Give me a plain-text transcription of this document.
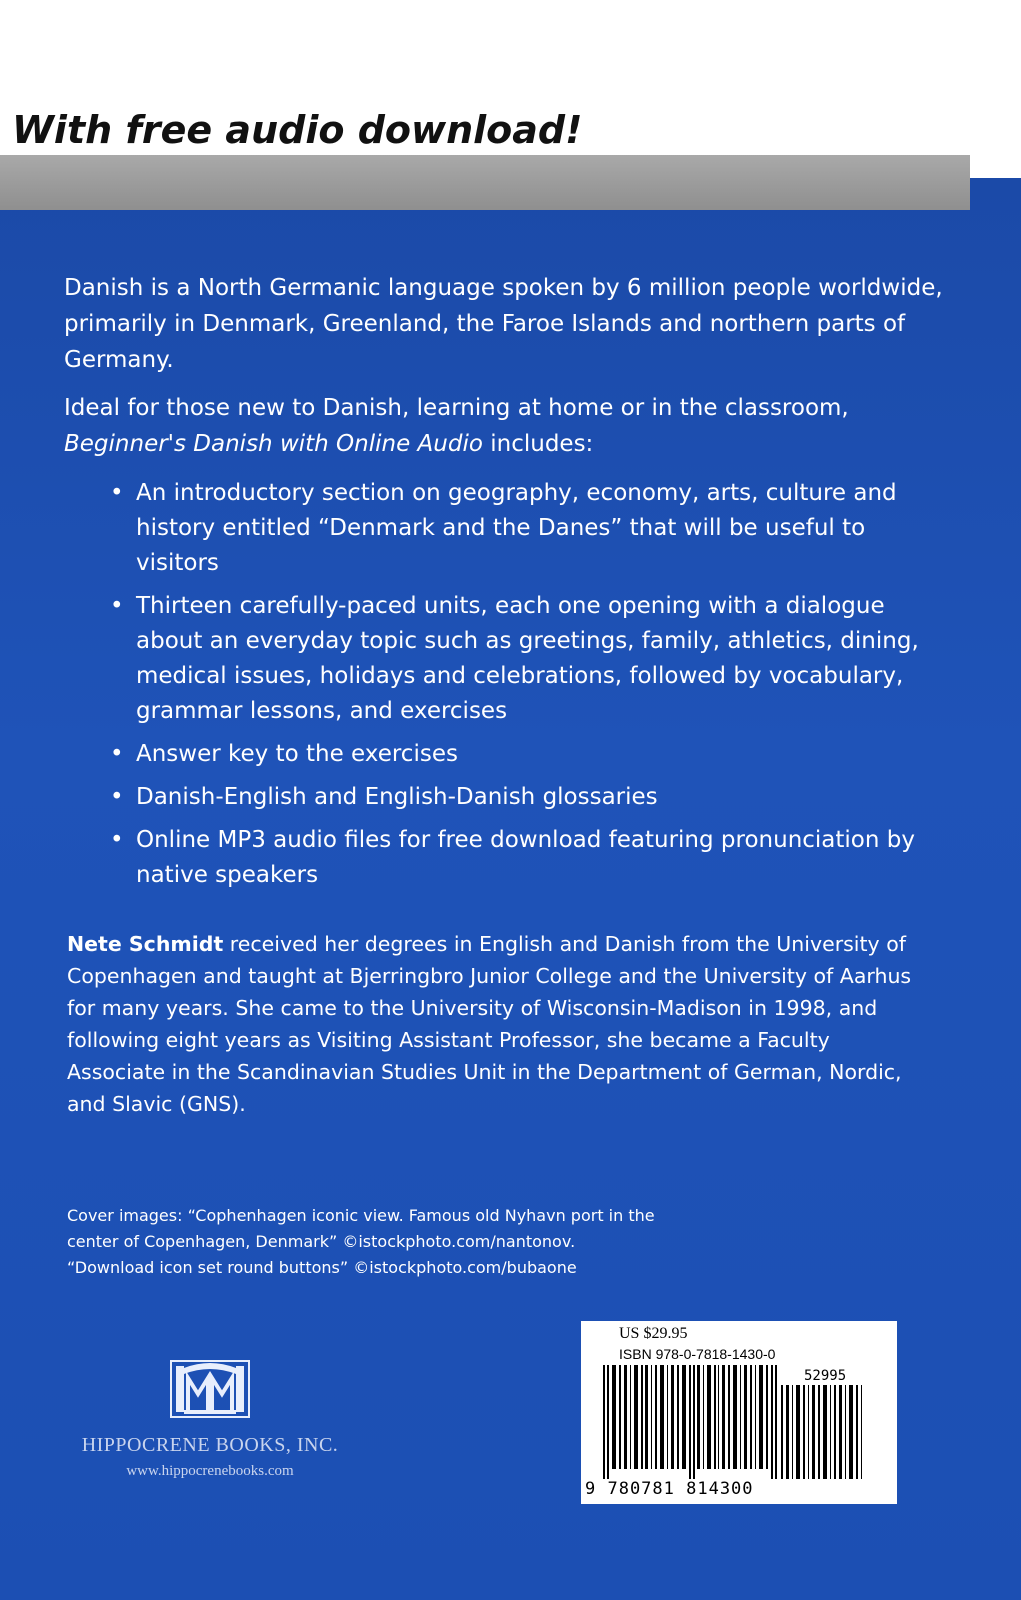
With free audio download!

Danish is a North Germanic language spoken by 6 million people worldwide, primarily in Denmark, Greenland, the Faroe Islands and northern parts of Germany.

Ideal for those new to Danish, learning at home or in the classroom,
Beginner's Danish with Online Audio includes:

• An introductory section on geography, economy, arts, culture and history entitled “Denmark and the Danes” that will be useful to visitors
• Thirteen carefully-paced units, each one opening with a dialogue about an everyday topic such as greetings, family, athletics, dining, medical issues, holidays and celebrations, followed by vocabulary, grammar lessons, and exercises
• Answer key to the exercises
• Danish-English and English-Danish glossaries
• Online MP3 audio files for free download featuring pronunciation by native speakers

Nete Schmidt received her degrees in English and Danish from the University of Copenhagen and taught at Bjerringbro Junior College and the University of Aarhus for many years. She came to the University of Wisconsin-Madison in 1998, and following eight years as Visiting Assistant Professor, she became a Faculty Associate in the Scandinavian Studies Unit in the Department of German, Nordic, and Slavic (GNS).

Cover images: “Cophenhagen iconic view. Famous old Nyhavn port in the
center of Copenhagen, Denmark” ©istockphoto.com/nantonov.
“Download icon set round buttons” ©istockphoto.com/bubaone
HIPPOCRENE BOOKS, INC.
www.hippocrenebooks.com
US $29.95
ISBN 978-0-7818-1430-0
52995
9 780781 814300
